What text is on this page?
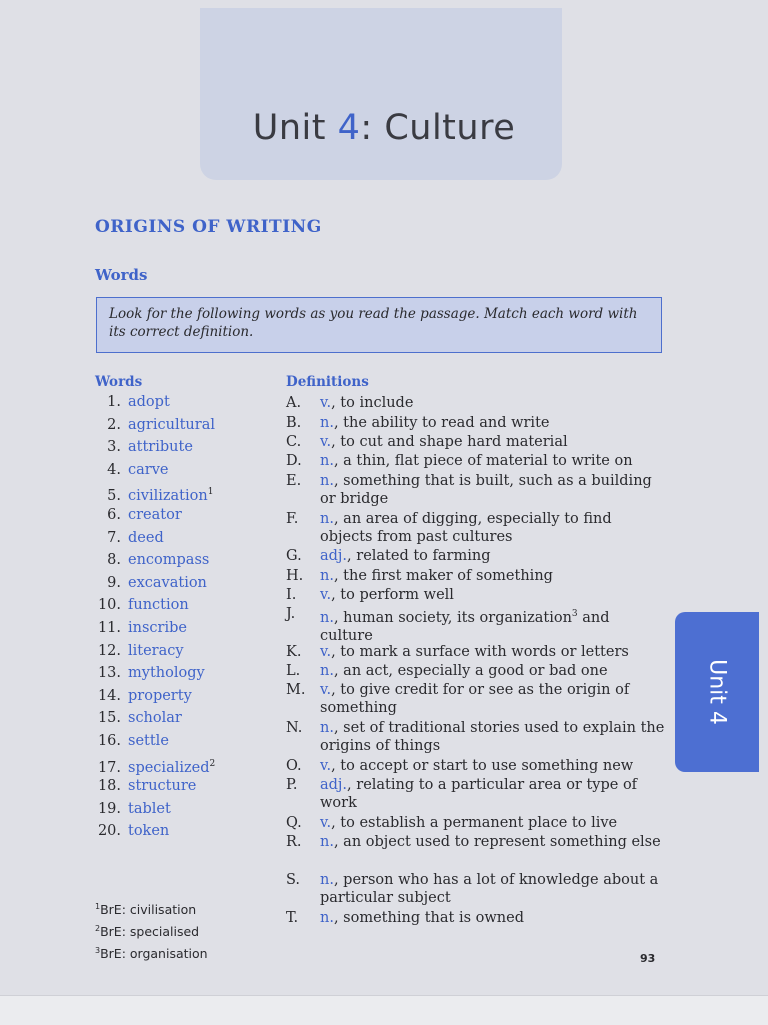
Unit 4: Culture
ORIGINS OF WRITING
Words
Look for the following words as you read the passage. Match each word with its correct definition.
Words	Definitions
1. adopt
2. agricultural
3. attribute
4. carve
5. civilization$^1$
6. creator
7. deed
8. encompass
9. excavation
10. function
11. inscribe
12. literacy
13. mythology
14. property
15. scholar
16. settle
17. specialized$^2$
18. structure
19. tablet
20. token
A.	v., to include
B.	n., the ability to read and write
C.	v., to cut and shape hard material
D.	n., a thin, flat piece of material to write on
E.	n., something that is built, such as a building or bridge
F.	n., an area of digging, especially to find objects from past cultures
G.	adj., related to farming
H.	n., the first maker of something
I.	v., to perform well
J.	n., human society, its organization$^3$ and culture
K.	v., to mark a surface with words or letters
L.	n., an act, especially a good or bad one
M.	v., to give credit for or see as the origin of something
N.	n., set of traditional stories used to explain the origins of things
O.	v., to accept or start to use something new
P.	adj., relating to a particular area or type of work
Q.	v., to establish a permanent place to live
R.	n., an object used to represent something else
S.	n., person who has a lot of knowledge about a particular subject
T.	n., something that is owned
$^1$BrE: civilisation
$^2$BrE: specialised
$^3$BrE: organisation	93
Unit 4
